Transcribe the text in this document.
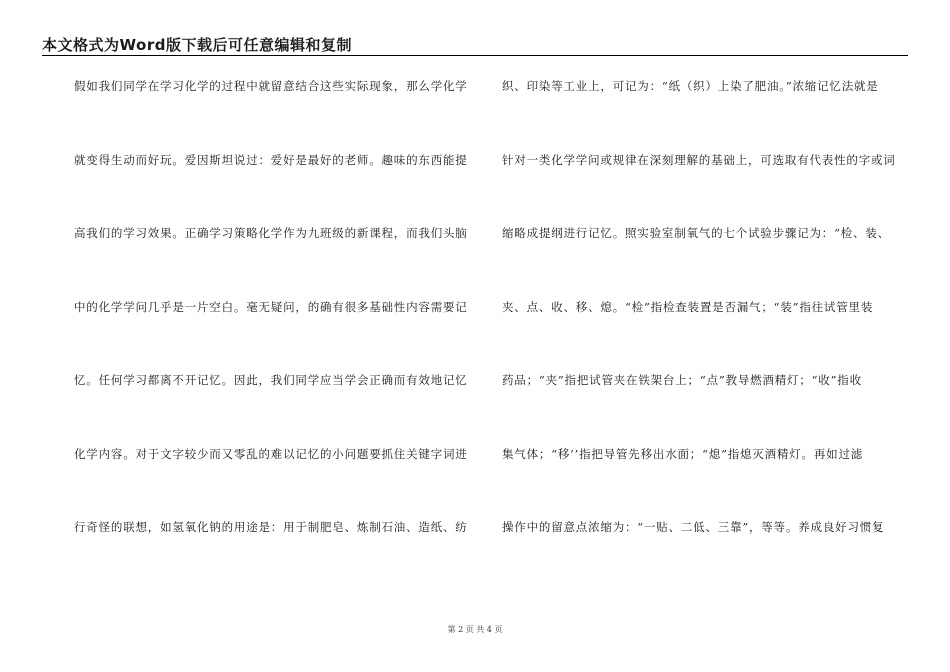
本文格式为Word版下载后可任意编辑和复制
假如我们同学在学习化学的过程中就留意结合这些实际现象，那么学化学
就变得生动而好玩。爱因斯坦说过：爱好是最好的老师。趣味的东西能提
高我们的学习效果。正确学习策略化学作为九班级的新课程，而我们头脑
中的化学学问几乎是一片空白。毫无疑问，的确有很多基础性内容需要记
忆。任何学习都离不开记忆。因此，我们同学应当学会正确而有效地记忆
化学内容。对于文字较少而又零乱的难以记忆的小问题要抓住关键字词进
行奇怪的联想，如氢氧化钠的用途是：用于制肥皂、炼制石油、造纸、纺
织、印染等工业上，可记为：“纸（织）上染了肥油。”浓缩记忆法就是
针对一类化学学问或规律在深刻理解的基础上，可选取有代表性的字或词
缩略成提纲进行记忆。照实验室制氧气的七个试验步骤记为：“检、装、
夹、点、收、移、熄。“检”指检查装置是否漏气；“装”指往试管里装
药品；“夹”指把试管夹在铁架台上；“点”教导燃酒精灯；“收”指收
集气体；“移’’指把导管先移出水面；“熄”指熄灭酒精灯。再如过滤
操作中的留意点浓缩为：“一贴、二低、三靠”，等等。养成良好习惯复
第 2 页 共 4 页
